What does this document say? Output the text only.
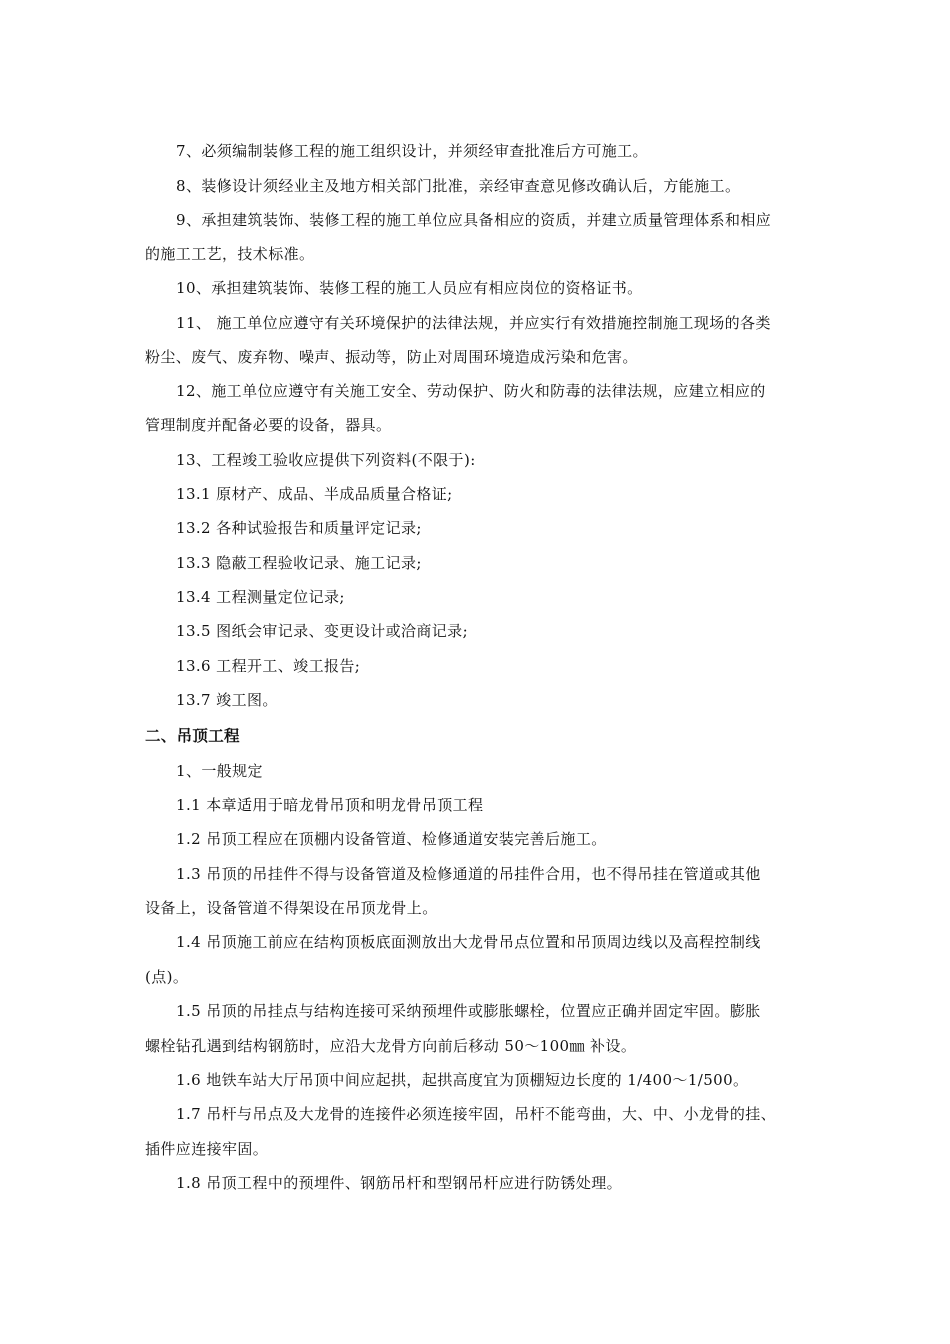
7、必须编制装修工程的施工组织设计，并须经审查批准后方可施工。
8、装修设计须经业主及地方相关部门批准，亲经审查意见修改确认后，方能施工。
9、承担建筑装饰、装修工程的施工单位应具备相应的资质，并建立质量管理体系和相应
的施工工艺，技术标准。
10、承担建筑装饰、装修工程的施工人员应有相应岗位的资格证书。
11、 施工单位应遵守有关环境保护的法律法规，并应实行有效措施控制施工现场的各类
粉尘、废气、废弃物、噪声、振动等，防止对周围环境造成污染和危害。
12、施工单位应遵守有关施工安全、劳动保护、防火和防毒的法律法规，应建立相应的
管理制度并配备必要的设备，器具。
13、工程竣工验收应提供下列资料(不限于):
13.1 原材产、成品、半成品质量合格证;
13.2 各种试验报告和质量评定记录;
13.3 隐蔽工程验收记录、施工记录;
13.4 工程测量定位记录;
13.5 图纸会审记录、变更设计或洽商记录;
13.6 工程开工、竣工报告;
13.7 竣工图。
二、吊顶工程
1、一般规定
1.1 本章适用于暗龙骨吊顶和明龙骨吊顶工程
1.2 吊顶工程应在顶棚内设备管道、检修通道安装完善后施工。
1.3 吊顶的吊挂件不得与设备管道及检修通道的吊挂件合用，也不得吊挂在管道或其他
设备上，设备管道不得架设在吊顶龙骨上。
1.4 吊顶施工前应在结构顶板底面测放出大龙骨吊点位置和吊顶周边线以及高程控制线
(点)。
1.5 吊顶的吊挂点与结构连接可采纳预埋件或膨胀螺栓，位置应正确并固定牢固。膨胀
螺栓钻孔遇到结构钢筋时，应沿大龙骨方向前后移动 50～100㎜ 补设。
1.6 地铁车站大厅吊顶中间应起拱，起拱高度宜为顶棚短边长度的 1/400～1/500。
1.7 吊杆与吊点及大龙骨的连接件必须连接牢固，吊杆不能弯曲，大、中、小龙骨的挂、
插件应连接牢固。
1.8 吊顶工程中的预埋件、钢筋吊杆和型钢吊杆应进行防锈处理。
